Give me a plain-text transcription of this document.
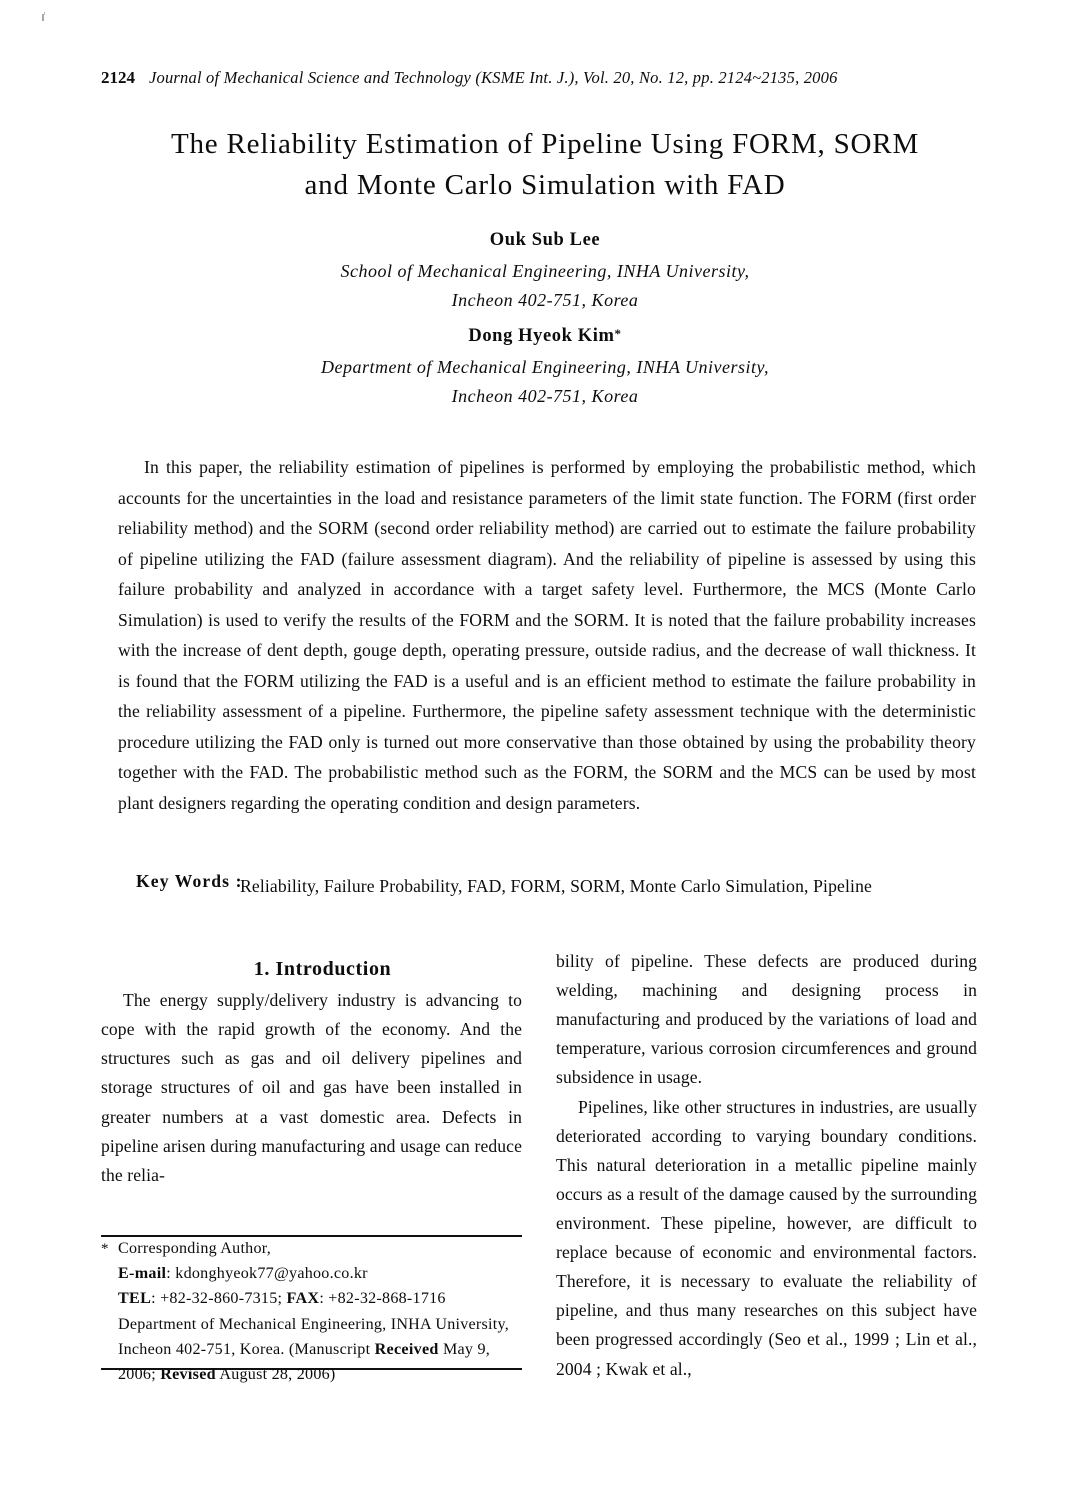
2124 Journal of Mechanical Science and Technology (KSME Int. J.), Vol. 20, No. 12, pp. 2124~2135, 2006
The Reliability Estimation of Pipeline Using FORM, SORM
and Monte Carlo Simulation with FAD
Ouk Sub Lee
School of Mechanical Engineering, INHA University,
Incheon 402-751, Korea
Dong Hyeok Kim*
Department of Mechanical Engineering, INHA University,
Incheon 402-751, Korea

In this paper, the reliability estimation of pipelines is performed by employing the probabilistic method, which accounts for the uncertainties in the load and resistance parameters of the limit state function. The FORM (first order reliability method) and the SORM (second order reliability method) are carried out to estimate the failure probability of pipeline utilizing the FAD (failure assessment diagram). And the reliability of pipeline is assessed by using this failure probability and analyzed in accordance with a target safety level. Furthermore, the MCS (Monte Carlo Simulation) is used to verify the results of the FORM and the SORM. It is noted that the failure probability increases with the increase of dent depth, gouge depth, operating pressure, outside radius, and the decrease of wall thickness. It is found that the FORM utilizing the FAD is a useful and is an efficient method to estimate the failure probability in the reliability assessment of a pipeline. Furthermore, the pipeline safety assessment technique with the deterministic procedure utilizing the FAD only is turned out more conservative than those obtained by using the probability theory together with the FAD. The probabilistic method such as the FORM, the SORM and the MCS can be used by most plant designers regarding the operating condition and design parameters.

Key Words :
Reliability, Failure Probability, FAD, FORM, SORM, Monte Carlo Simulation, Pipeline

1. Introduction

The energy supply/delivery industry is advancing to cope with the rapid growth of the economy. And the structures such as gas and oil delivery pipelines and storage structures of oil and gas have been installed in greater numbers at a vast domestic area. Defects in pipeline arisen during manufacturing and usage can reduce the relia-

bility of pipeline. These defects are produced during welding, machining and designing process in manufacturing and produced by the variations of load and temperature, various corrosion circumferences and ground subsidence in usage.

Pipelines, like other structures in industries, are usually deteriorated according to varying boundary conditions. This natural deterioration in a metallic pipeline mainly occurs as a result of the damage caused by the surrounding environment. These pipeline, however, are difficult to replace because of economic and environmental factors. Therefore, it is necessary to evaluate the reliability of pipeline, and thus many researches on this subject have been progressed accordingly (Seo et al., 1999 ; Lin et al., 2004 ; Kwak et al.,

* Corresponding Author,
E-mail: kdonghyeok77@yahoo.co.kr
TEL: +82-32-860-7315; FAX: +82-32-868-1716
Department of Mechanical Engineering, INHA University, Incheon 402-751, Korea. (Manuscript Received May 9, 2006; Revised August 28, 2006)
